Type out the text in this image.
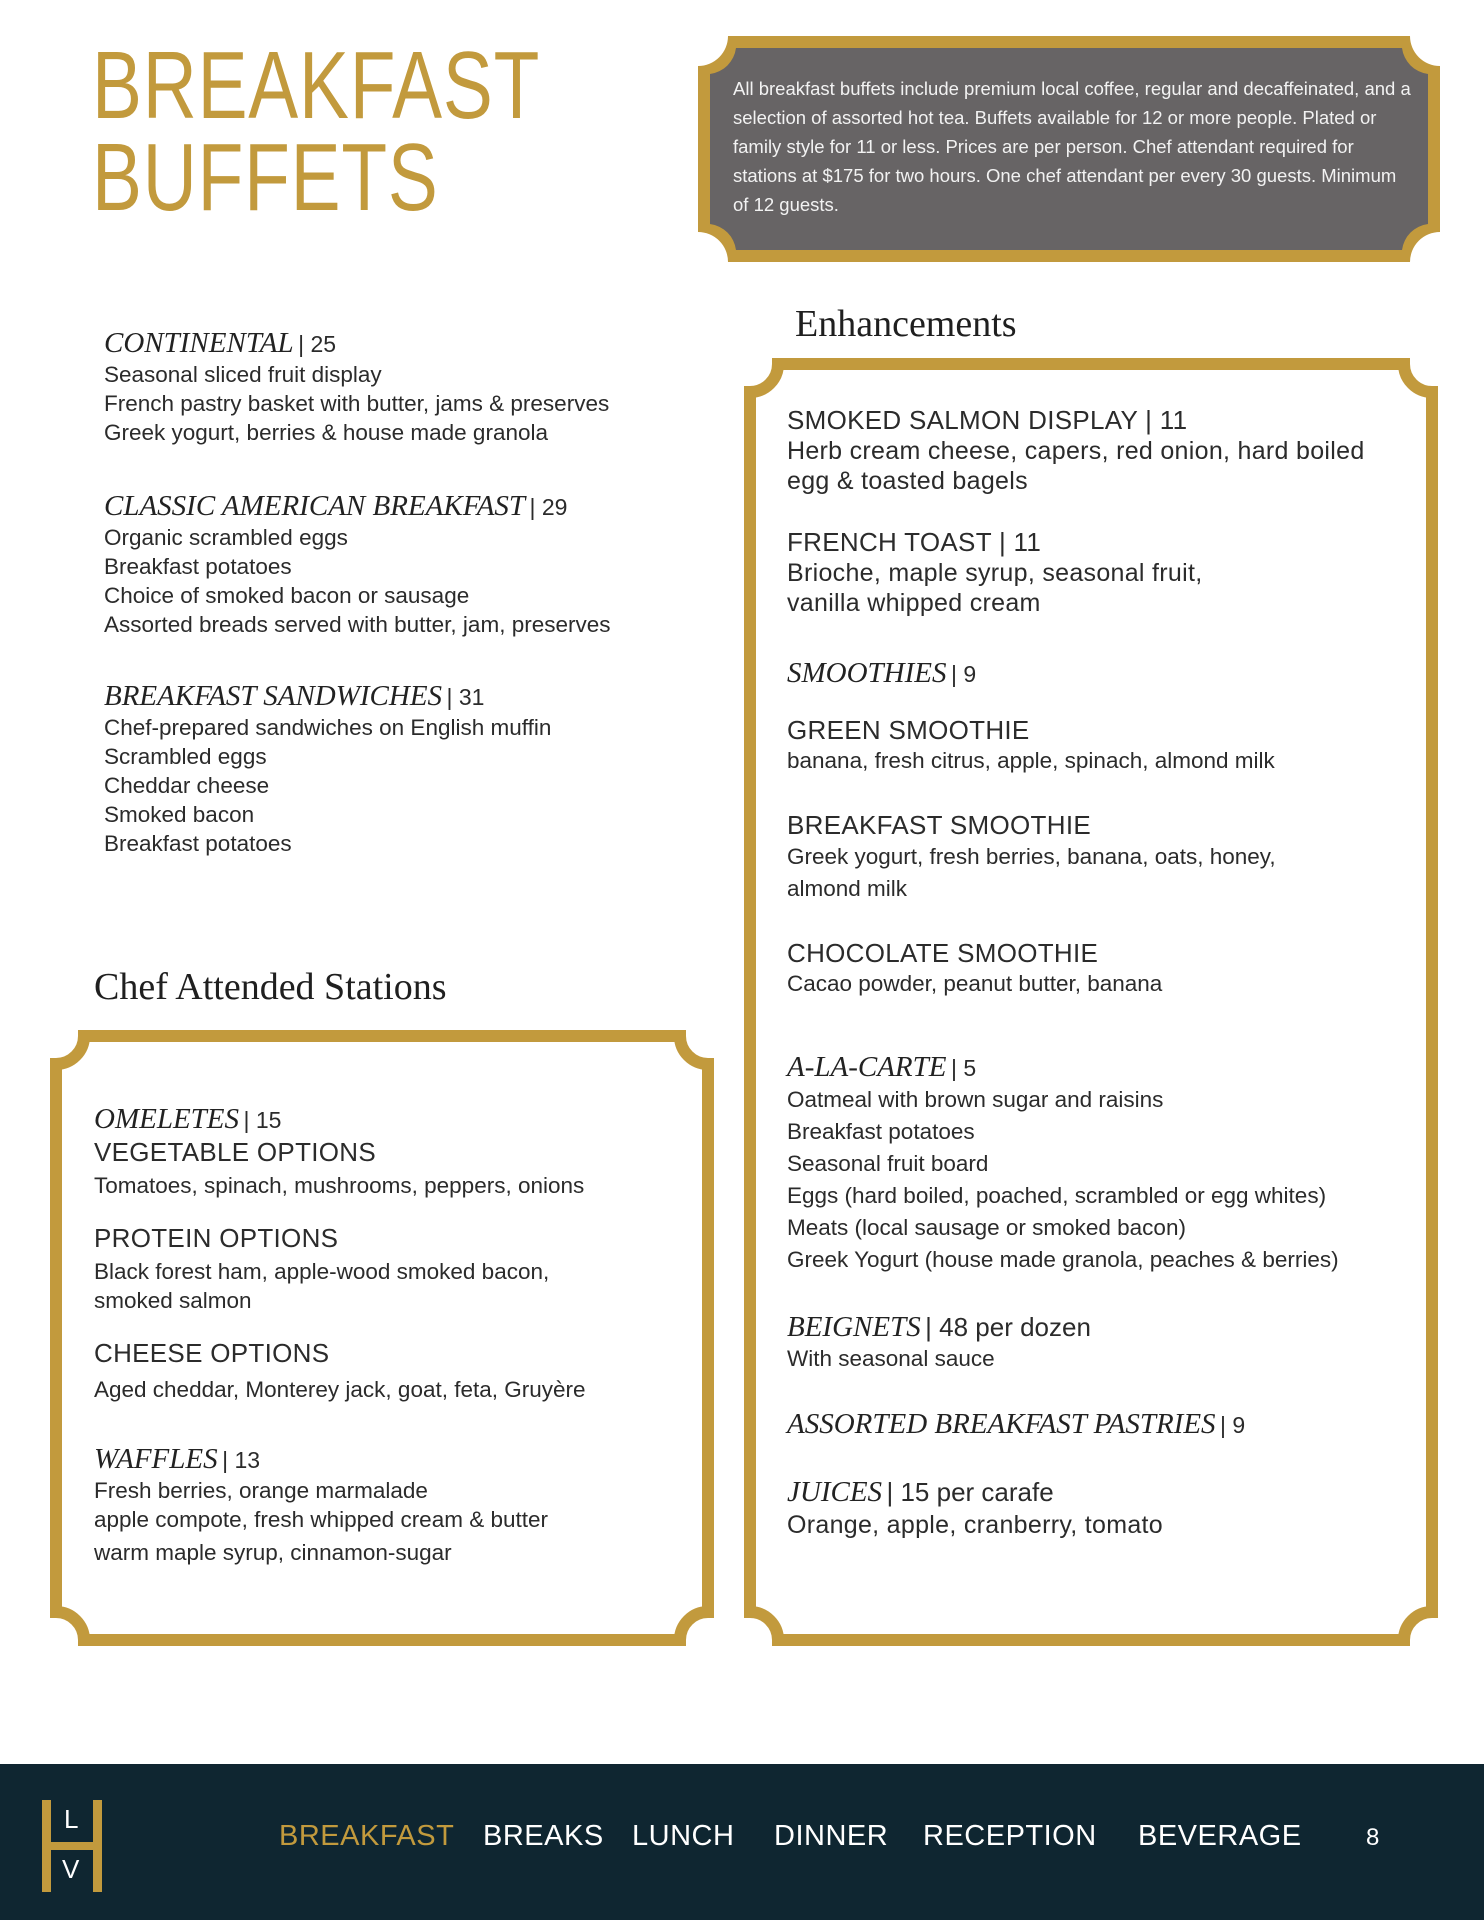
BREAKFAST
BUFFETS
All breakfast buffets include premium local coffee, regular and decaffeinated, and a selection of assorted hot tea. Buffets available for 12 or more people. Plated or family style for 11 or less. Prices are per person. Chef attendant required for stations at $175 for two hours. One chef attendant per every 30 guests. Minimum of 12 guests.
CONTINENTAL | 25
Seasonal sliced fruit display
French pastry basket with butter, jams & preserves
Greek yogurt, berries & house made granola
CLASSIC AMERICAN BREAKFAST | 29
Organic scrambled eggs
Breakfast potatoes
Choice of smoked bacon or sausage
Assorted breads served with butter, jam, preserves
BREAKFAST SANDWICHES | 31
Chef-prepared sandwiches on English muffin
Scrambled eggs
Cheddar cheese
Smoked bacon
Breakfast potatoes
Chef Attended Stations
OMELETES | 15
VEGETABLE OPTIONS
Tomatoes, spinach, mushrooms, peppers, onions
PROTEIN OPTIONS
Black forest ham, apple-wood smoked bacon,
smoked salmon
CHEESE OPTIONS
Aged cheddar, Monterey jack, goat, feta, Gruyère
WAFFLES | 13
Fresh berries, orange marmalade
apple compote, fresh whipped cream & butter
warm maple syrup, cinnamon-sugar
Enhancements
SMOKED SALMON DISPLAY | 11
Herb cream cheese, capers, red onion, hard boiled
egg & toasted bagels
FRENCH TOAST | 11
Brioche, maple syrup, seasonal fruit,
vanilla whipped cream
SMOOTHIES | 9
GREEN SMOOTHIE
banana, fresh citrus, apple, spinach, almond milk
BREAKFAST SMOOTHIE
Greek yogurt, fresh berries, banana, oats, honey,
almond milk
CHOCOLATE SMOOTHIE
Cacao powder, peanut butter, banana
A-LA-CARTE | 5
Oatmeal with brown sugar and raisins
Breakfast potatoes
Seasonal fruit board
Eggs (hard boiled, poached, scrambled or egg whites)
Meats (local sausage or smoked bacon)
Greek Yogurt (house made granola, peaches & berries)
BEIGNETS | 48 per dozen
With seasonal sauce
ASSORTED BREAKFAST PASTRIES | 9
JUICES | 15 per carafe
Orange, apple, cranberry, tomato
L
V
BREAKFAST BREAKS LUNCH DINNER RECEPTION BEVERAGE	8
